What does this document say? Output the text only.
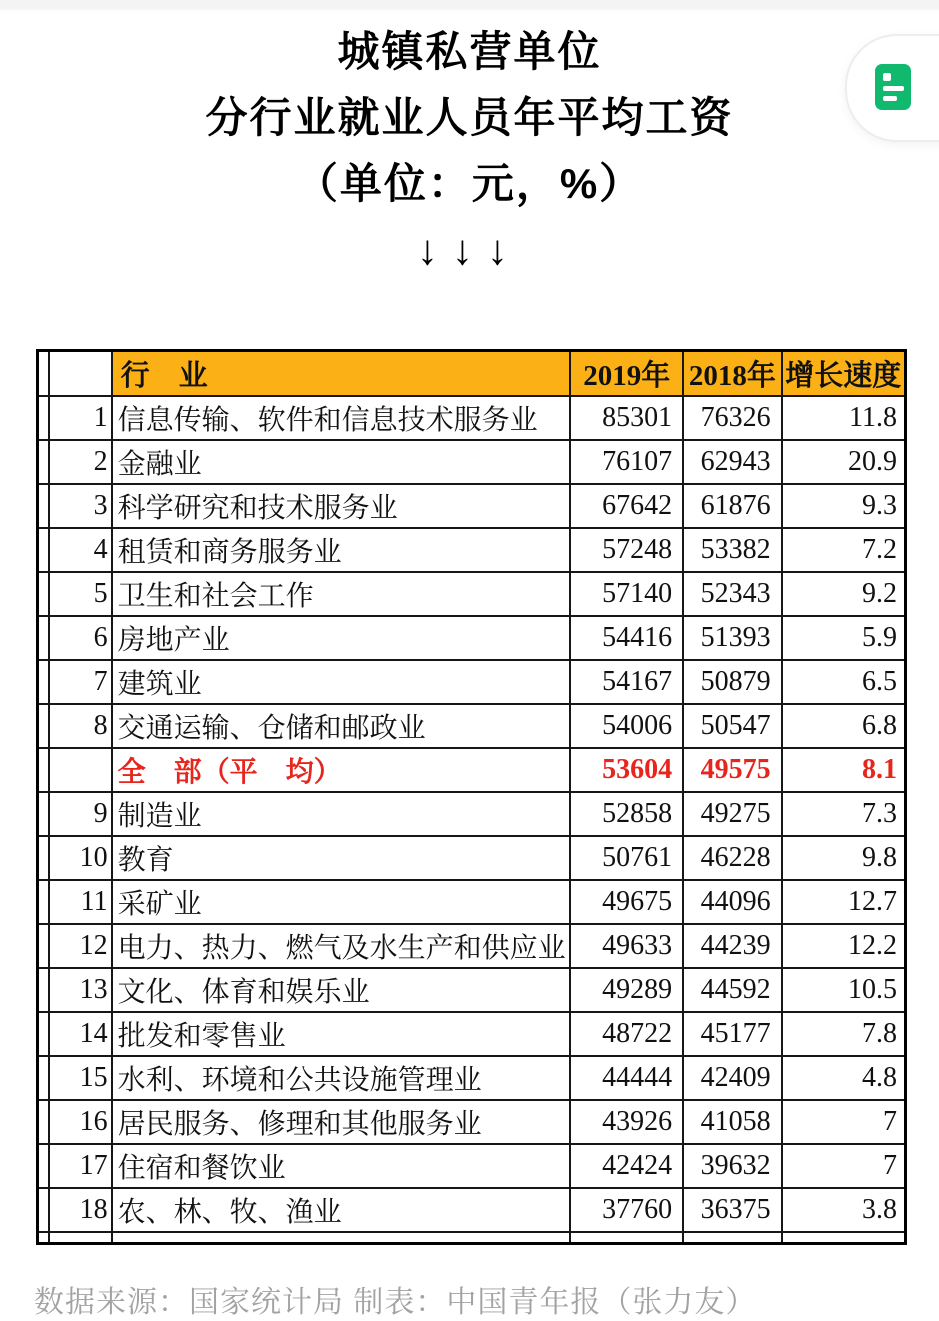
城镇私营单位
分行业就业人员年平均工资
（单位：元，%）
↓↓↓
		行　业	2019年	2018年	增长速度
	1	信息传输、软件和信息技术服务业	85301	76326	11.8
	2	金融业	76107	62943	20.9
	3	科学研究和技术服务业	67642	61876	9.3
	4	租赁和商务服务业	57248	53382	7.2
	5	卫生和社会工作	57140	52343	9.2
	6	房地产业	54416	51393	5.9
	7	建筑业	54167	50879	6.5
	8	交通运输、仓储和邮政业	54006	50547	6.8
		全　部（平　均）	53604	49575	8.1
	9	制造业	52858	49275	7.3
	10	教育	50761	46228	9.8
	11	采矿业	49675	44096	12.7
	12	电力、热力、燃气及水生产和供应业	49633	44239	12.2
	13	文化、体育和娱乐业	49289	44592	10.5
	14	批发和零售业	48722	45177	7.8
	15	水利、环境和公共设施管理业	44444	42409	4.8
	16	居民服务、修理和其他服务业	43926	41058	7
	17	住宿和餐饮业	42424	39632	7
	18	农、林、牧、渔业	37760	36375	3.8

数据来源：国家统计局 制表：中国青年报（张力友）
